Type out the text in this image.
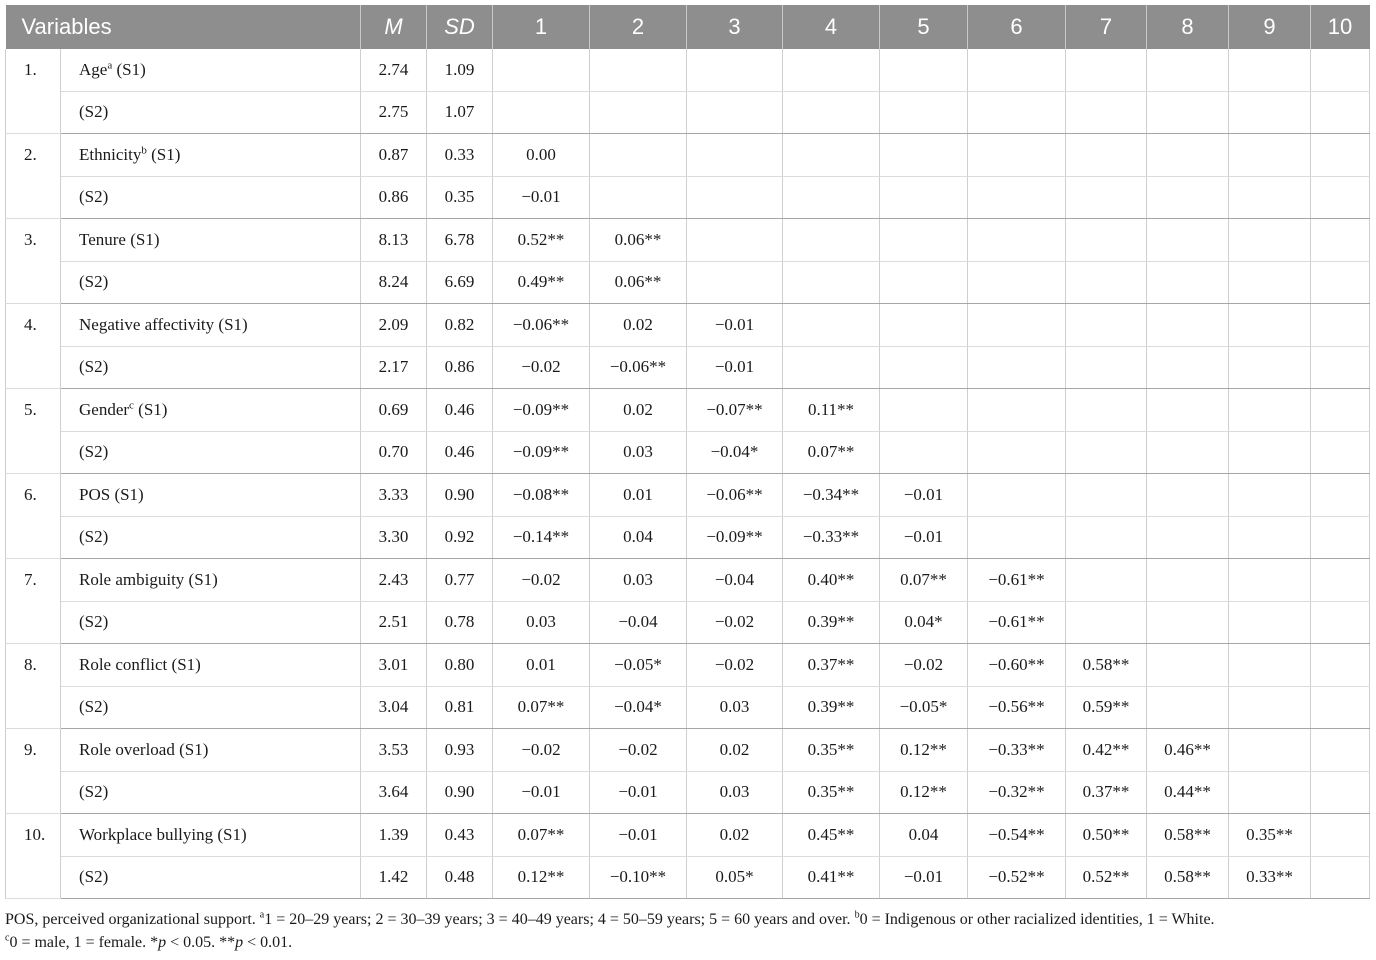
Variables		M	SD	1	2	3	4	5	6	7	8	9	10
1.	Age$^a$ (S1)	2.74	1.09										
	(S2)	2.75	1.07										
2.	Ethnicity$^b$ (S1)	0.87	0.33	0.00									
	(S2)	0.86	0.35	−0.01									
3.	Tenure (S1)	8.13	6.78	0.52**	0.06**								
	(S2)	8.24	6.69	0.49**	0.06**								
4.	Negative affectivity (S1)	2.09	0.82	−0.06**	0.02	−0.01							
	(S2)	2.17	0.86	−0.02	−0.06**	−0.01							
5.	Gender$^c$ (S1)	0.69	0.46	−0.09**	0.02	−0.07**	0.11**						
	(S2)	0.70	0.46	−0.09**	0.03	−0.04*	0.07**						
6.	POS (S1)	3.33	0.90	−0.08**	0.01	−0.06**	−0.34**	−0.01					
	(S2)	3.30	0.92	−0.14**	0.04	−0.09**	−0.33**	−0.01					
7.	Role ambiguity (S1)	2.43	0.77	−0.02	0.03	−0.04	0.40**	0.07**	−0.61**				
	(S2)	2.51	0.78	0.03	−0.04	−0.02	0.39**	0.04*	−0.61**				
8.	Role conflict (S1)	3.01	0.80	0.01	−0.05*	−0.02	0.37**	−0.02	−0.60**	0.58**			
	(S2)	3.04	0.81	0.07**	−0.04*	0.03	0.39**	−0.05*	−0.56**	0.59**			
9.	Role overload (S1)	3.53	0.93	−0.02	−0.02	0.02	0.35**	0.12**	−0.33**	0.42**	0.46**		
	(S2)	3.64	0.90	−0.01	−0.01	0.03	0.35**	0.12**	−0.32**	0.37**	0.44**		
10.	Workplace bullying (S1)	1.39	0.43	0.07**	−0.01	0.02	0.45**	0.04	−0.54**	0.50**	0.58**	0.35**	
	(S2)	1.42	0.48	0.12**	−0.10**	0.05*	0.41**	−0.01	−0.52**	0.52**	0.58**	0.33**	
POS, perceived organizational support. $^a$1 = 20–29 years; 2 = 30–39 years; 3 = 40–49 years; 4 = 50–59 years; 5 = 60 years and over. $^b$0 = Indigenous or other racialized identities, 1 = White.
$^c$0 = male, 1 = female. *p < 0.05. **p < 0.01.
